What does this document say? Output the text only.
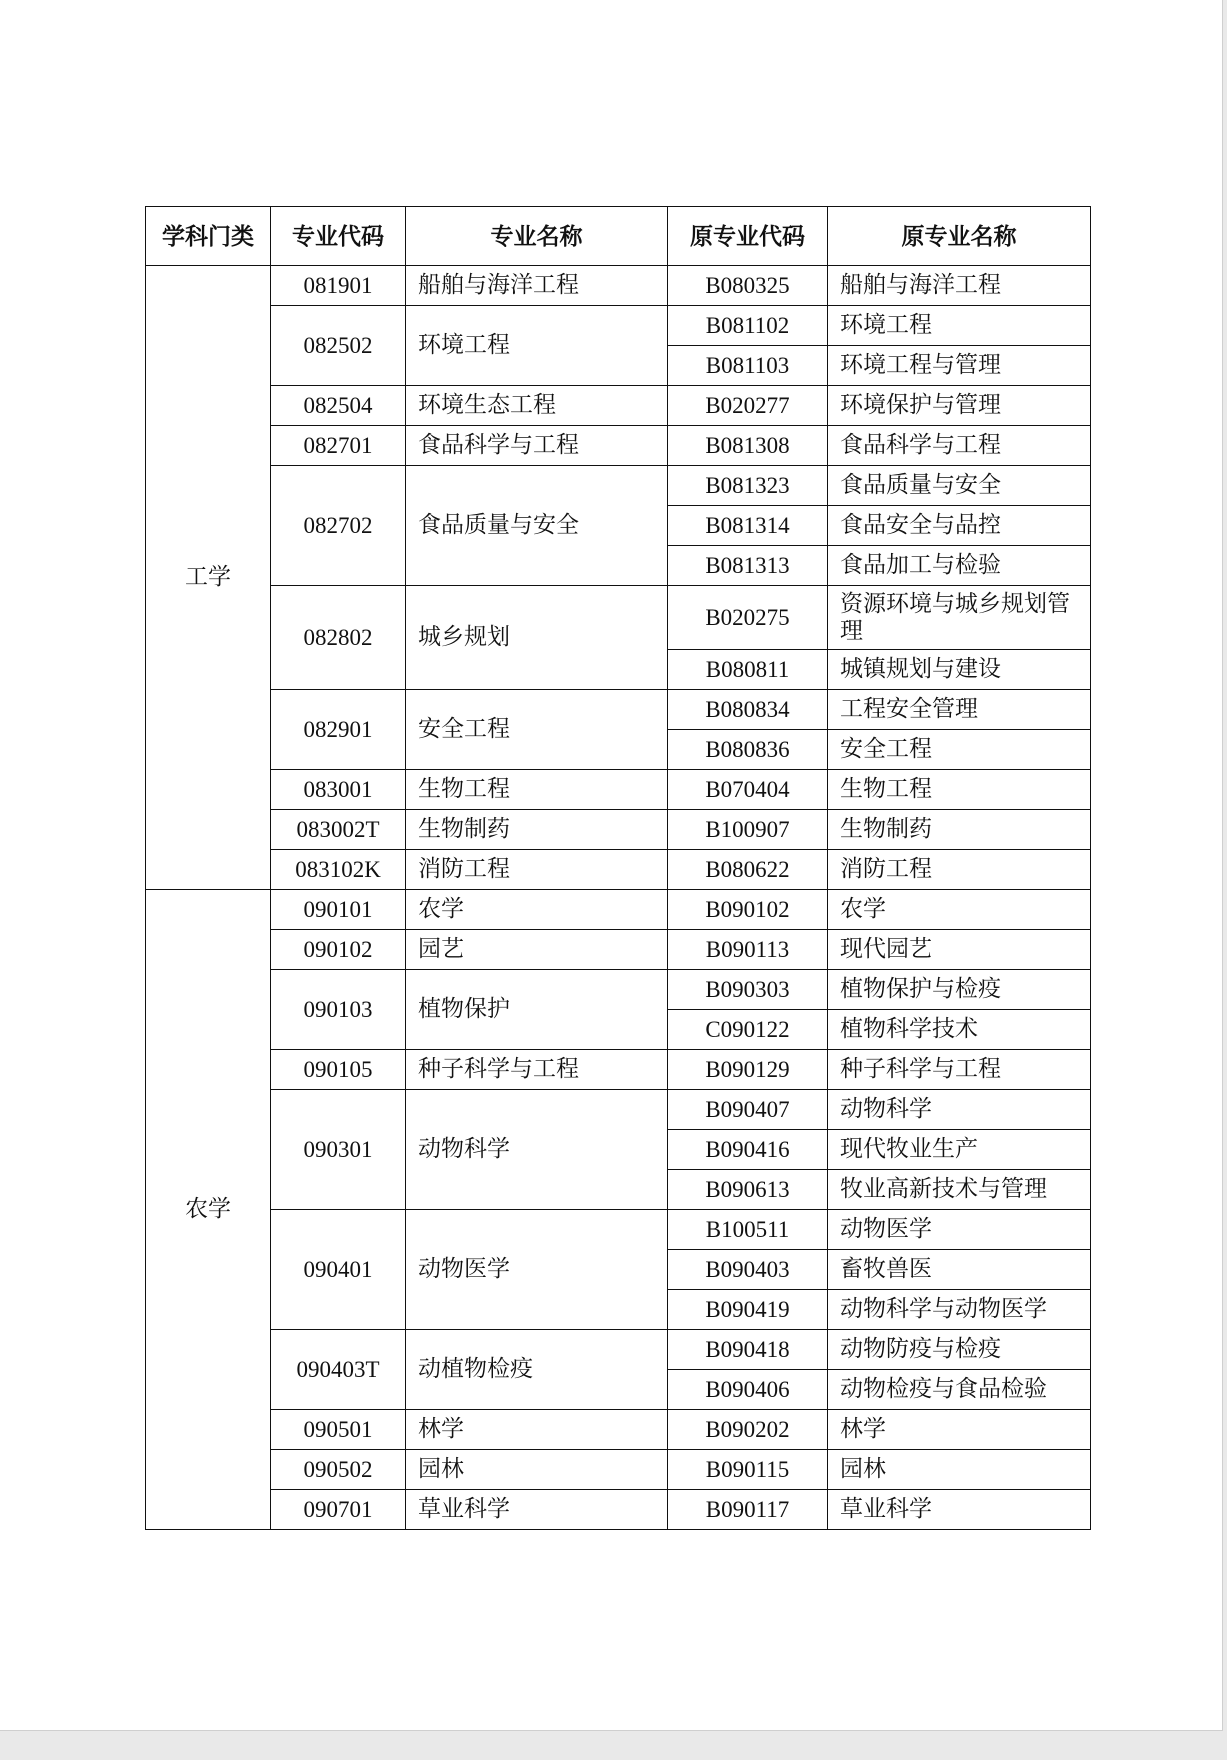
学科门类	专业代码	专业名称	原专业代码	原专业名称
工学	081901	船舶与海洋工程	B080325	船舶与海洋工程
	082502	环境工程	B081102	环境工程
			B081103	环境工程与管理
	082504	环境生态工程	B020277	环境保护与管理
	082701	食品科学与工程	B081308	食品科学与工程
	082702	食品质量与安全	B081323	食品质量与安全
			B081314	食品安全与品控
			B081313	食品加工与检验
	082802	城乡规划	B020275	资源环境与城乡规划管理
			B080811	城镇规划与建设
	082901	安全工程	B080834	工程安全管理
			B080836	安全工程
	083001	生物工程	B070404	生物工程
	083002T	生物制药	B100907	生物制药
	083102K	消防工程	B080622	消防工程
农学	090101	农学	B090102	农学
	090102	园艺	B090113	现代园艺
	090103	植物保护	B090303	植物保护与检疫
			C090122	植物科学技术
	090105	种子科学与工程	B090129	种子科学与工程
	090301	动物科学	B090407	动物科学
			B090416	现代牧业生产
			B090613	牧业高新技术与管理
	090401	动物医学	B100511	动物医学
			B090403	畜牧兽医
			B090419	动物科学与动物医学
	090403T	动植物检疫	B090418	动物防疫与检疫
			B090406	动物检疫与食品检验
	090501	林学	B090202	林学
	090502	园林	B090115	园林
	090701	草业科学	B090117	草业科学
